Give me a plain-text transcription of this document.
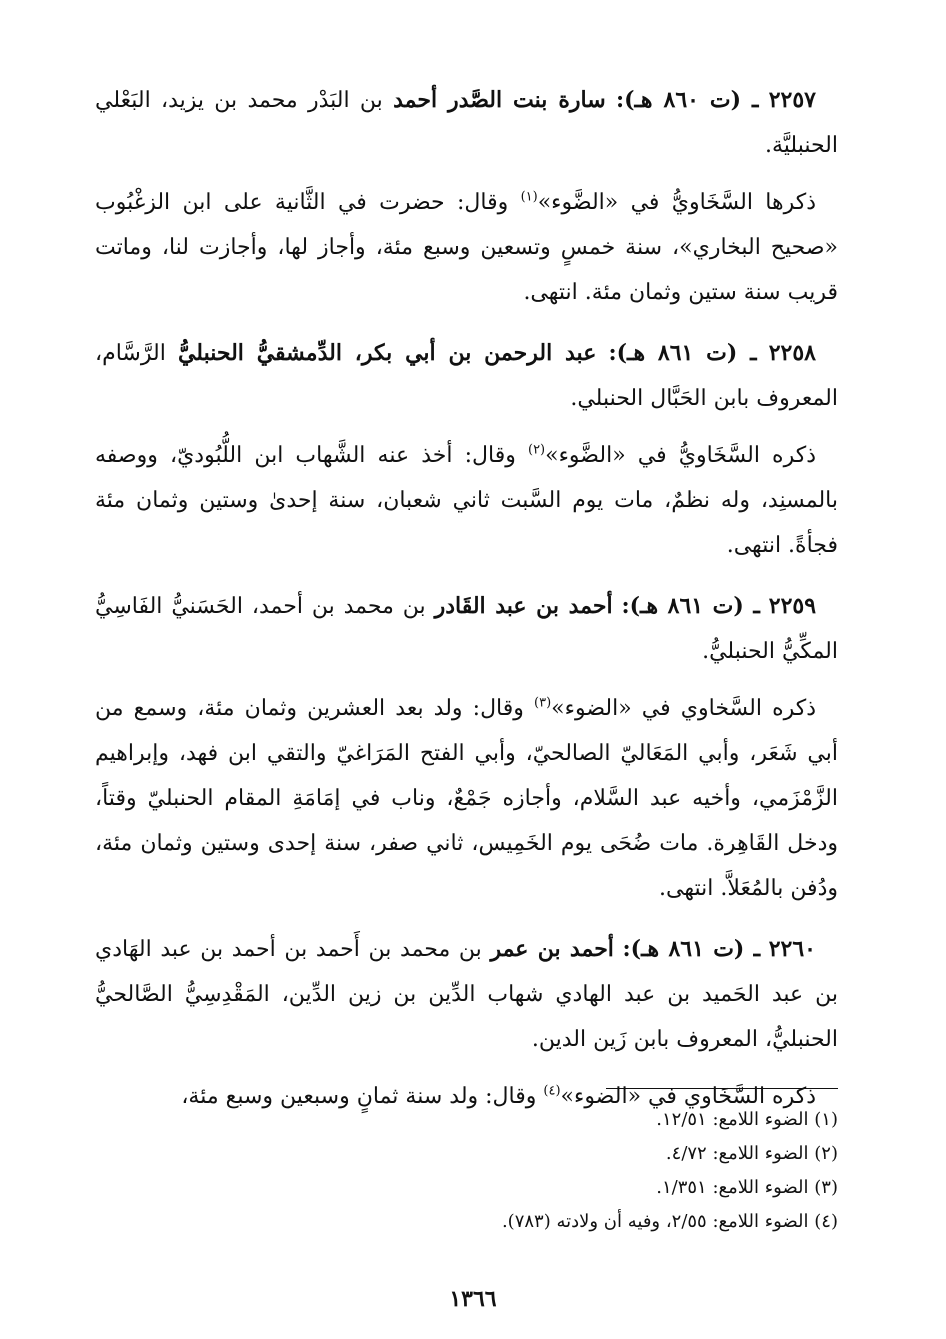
٢٢٥٧ ـ (ت ٨٦٠ هـ): سارة بنت الصَّدر أحمد بن البَدْر محمد بن يزيد، البَعْلي الحنبليَّة.

ذكرها السَّخَاويُّ في «الضَّوء»$^{(١)}$ وقال: حضرت في الثَّانية على ابن الزغْبُوب «صحيح البخاري»، سنة خمسٍ وتسعين وسبع مئة، وأجاز لها، وأجازت لنا، وماتت قريب سنة ستين وثمان مئة. انتهى.

٢٢٥٨ ـ (ت ٨٦١ هـ): عبد الرحمن بن أبي بكر، الدِّمشقيُّ الحنبليُّ الرَّسَّام، المعروف بابن الحَبَّال الحنبلي.

ذكره السَّخَاويُّ في «الضَّوء»$^{(٢)}$ وقال: أخذ عنه الشَّهاب ابن اللُّبُوديّ، ووصفه بالمسنِد، وله نظمٌ، مات يوم السَّبت ثاني شعبان، سنة إحدىٰ وستين وثمان مئة فجأةً. انتهى.

٢٢٥٩ ـ (ت ٨٦١ هـ): أحمد بن عبد القَادر بن محمد بن أحمد، الحَسَنيُّ الفَاسِيُّ المكِّيُّ الحنبليُّ.

ذكره السَّخاوي في «الضوء»$^{(٣)}$ وقال: ولد بعد العشرين وثمان مئة، وسمع من أبي شَعَر، وأبي المَعَاليّ الصالحيّ، وأبي الفتح المَرَاغيّ والتقي ابن فهد، وإبراهيم الزَّمْزَمي، وأخيه عبد السَّلام، وأجازه جَمْعٌ، وناب في إمَامَةِ المقام الحنبليّ وقتاً، ودخل القَاهِرة. مات ضُحَى يوم الخَمِيس، ثاني صفر، سنة إحدى وستين وثمان مئة، ودُفن بالمُعَلاَّ. انتهى.

٢٢٦٠ ـ (ت ٨٦١ هـ): أحمد بن عمر بن محمد بن أَحمد بن أحمد بن عبد الهَادي بن عبد الحَميد بن عبد الهادي شهاب الدِّين بن زين الدِّين، المَقْدِسِيُّ الصَّالحيُّ الحنبليُّ، المعروف بابن زَين الدين.

ذكره السَّخَاوي في «الضوء»$^{(٤)}$ وقال: ولد سنة ثمانٍ وسبعين وسبع مئة،

(١) الضوء اللامع: ١٢/٥١.

(٢) الضوء اللامع: ٤/٧٢.

(٣) الضوء اللامع: ١/٣٥١.

(٤) الضوء اللامع: ٢/٥٥، وفيه أن ولادته (٧٨٣).

١٣٦٦
